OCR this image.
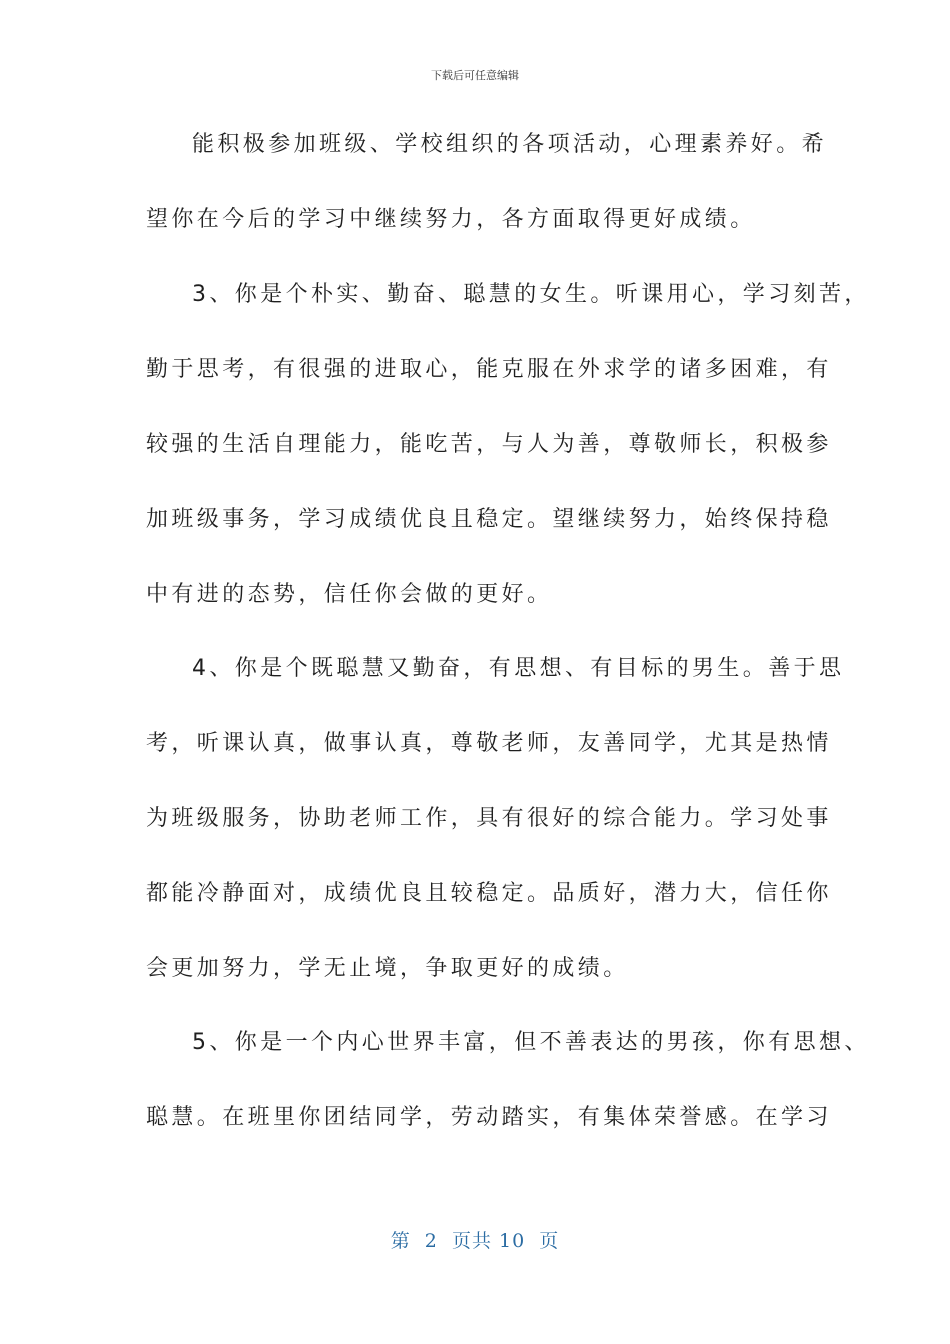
下载后可任意编辑
能积极参加班级、学校组织的各项活动，心理素养好。希
望你在今后的学习中继续努力，各方面取得更好成绩。
3、你是个朴实、勤奋、聪慧的女生。听课用心，学习刻苦，
勤于思考，有很强的进取心，能克服在外求学的诸多困难，有
较强的生活自理能力，能吃苦，与人为善，尊敬师长，积极参
加班级事务，学习成绩优良且稳定。望继续努力，始终保持稳
中有进的态势，信任你会做的更好。
4、你是个既聪慧又勤奋，有思想、有目标的男生。善于思
考，听课认真，做事认真，尊敬老师，友善同学，尤其是热情
为班级服务，协助老师工作，具有很好的综合能力。学习处事
都能冷静面对，成绩优良且较稳定。品质好，潜力大，信任你
会更加努力，学无止境，争取更好的成绩。
5、你是一个内心世界丰富，但不善表达的男孩，你有思想、
聪慧。在班里你团结同学，劳动踏实，有集体荣誉感。在学习
第  2  页共 10  页
